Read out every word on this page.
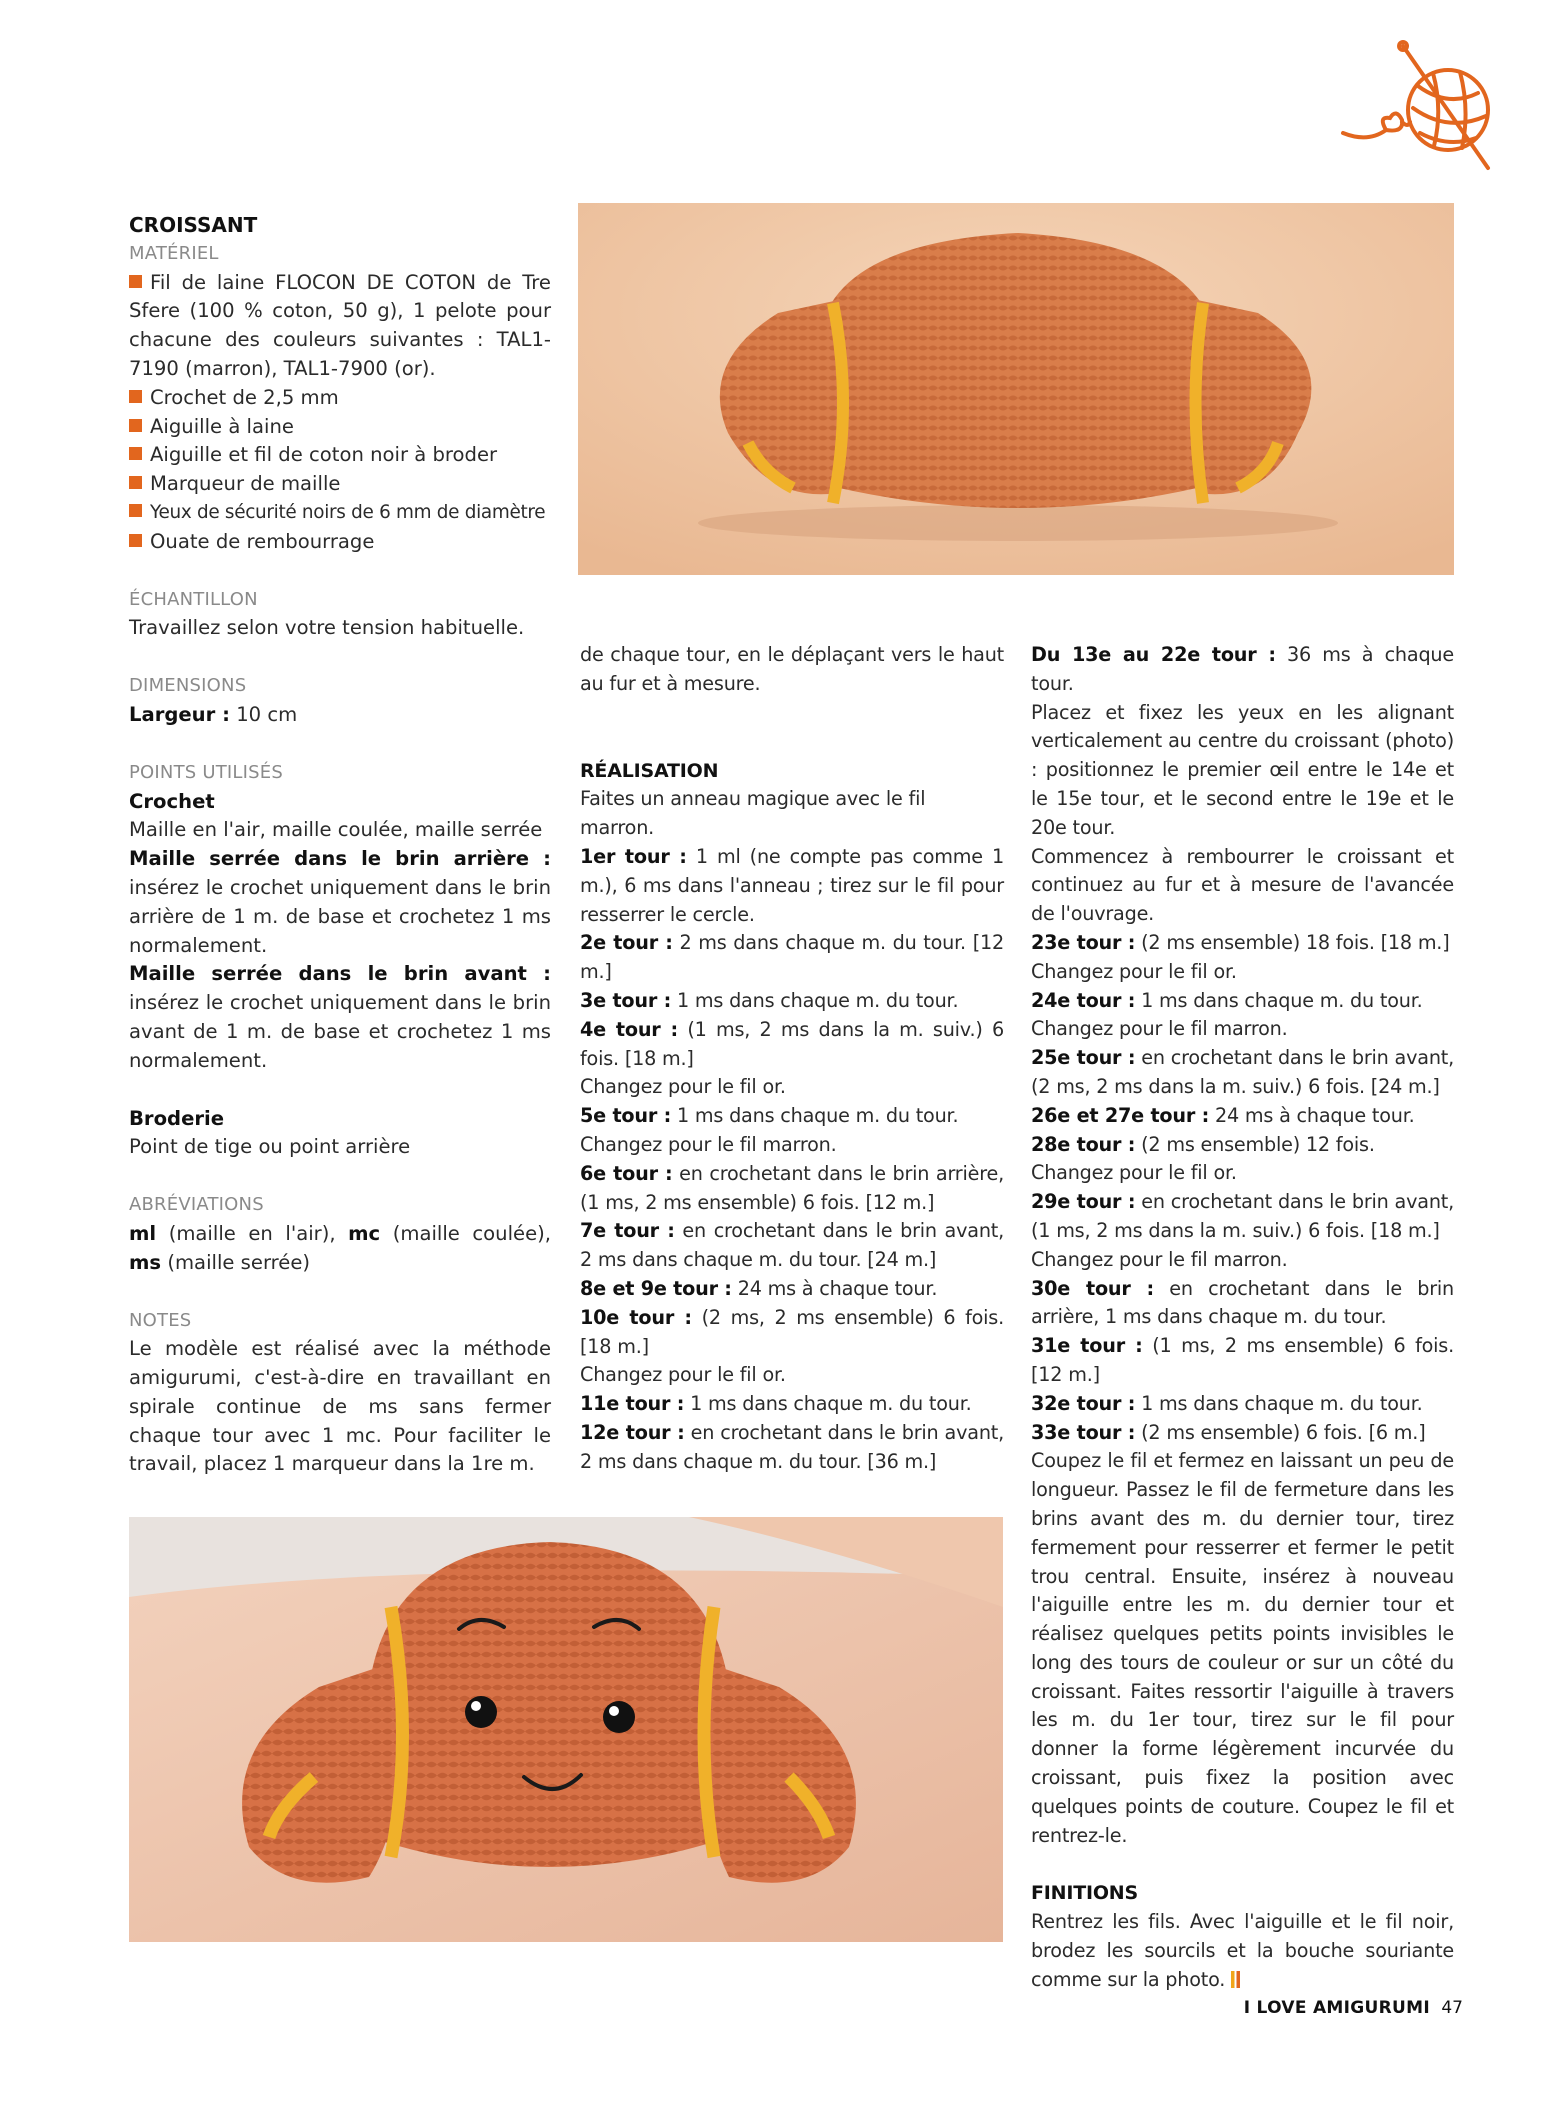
CROISSANT

MATÉRIEL

Fil de laine FLOCON DE COTON de Tre Sfere (100 % coton, 50 g), 1 pelote pour chacune des couleurs suivantes : TAL1-7190 (marron), TAL1-7900 (or).

Crochet de 2,5 mm

Aiguille à laine

Aiguille et fil de coton noir à broder

Marqueur de maille

Yeux de sécurité noirs de 6 mm de diamètre

Ouate de rembourrage

ÉCHANTILLON

Travaillez selon votre tension habituelle.

DIMENSIONS

Largeur : 10 cm

POINTS UTILISÉS

Crochet

Maille en l'air, maille coulée, maille serrée

Maille serrée dans le brin arrière : insérez le crochet uniquement dans le brin arrière de 1 m. de base et crochetez 1 ms normalement.

Maille serrée dans le brin avant : insérez le crochet uniquement dans le brin avant de 1 m. de base et crochetez 1 ms normalement.

Broderie

Point de tige ou point arrière

ABRÉVIATIONS

ml (maille en l'air), mc (maille coulée), ms (maille serrée)

NOTES

Le modèle est réalisé avec la méthode amigurumi, c'est-à-dire en travaillant en spirale continue de ms sans fermer chaque tour avec 1 mc. Pour faciliter le travail, placez 1 marqueur dans la 1re m.

de chaque tour, en le déplaçant vers le haut au fur et à mesure.

RÉALISATION

Faites un anneau magique avec le fil marron.

1er tour : 1 ml (ne compte pas comme 1 m.), 6 ms dans l'anneau ; tirez sur le fil pour resserrer le cercle.

2e tour : 2 ms dans chaque m. du tour. [12 m.]

3e tour : 1 ms dans chaque m. du tour.

4e tour : (1 ms, 2 ms dans la m. suiv.) 6 fois. [18 m.]

Changez pour le fil or.

5e tour : 1 ms dans chaque m. du tour.

Changez pour le fil marron.

6e tour : en crochetant dans le brin arrière, (1 ms, 2 ms ensemble) 6 fois. [12 m.]

7e tour : en crochetant dans le brin avant, 2 ms dans chaque m. du tour. [24 m.]

8e et 9e tour : 24 ms à chaque tour.

10e tour : (2 ms, 2 ms ensemble) 6 fois. [18 m.]

Changez pour le fil or.

11e tour : 1 ms dans chaque m. du tour.

12e tour : en crochetant dans le brin avant, 2 ms dans chaque m. du tour. [36 m.]

Du 13e au 22e tour : 36 ms à chaque tour.

Placez et fixez les yeux en les alignant verticalement au centre du croissant (photo) : positionnez le premier œil entre le 14e et le 15e tour, et le second entre le 19e et le 20e tour.

Commencez à rembourrer le croissant et continuez au fur et à mesure de l'avancée de l'ouvrage.

23e tour : (2 ms ensemble) 18 fois. [18 m.]

Changez pour le fil or.

24e tour : 1 ms dans chaque m. du tour.

Changez pour le fil marron.

25e tour : en crochetant dans le brin avant, (2 ms, 2 ms dans la m. suiv.) 6 fois. [24 m.]

26e et 27e tour : 24 ms à chaque tour.

28e tour : (2 ms ensemble) 12 fois.

Changez pour le fil or.

29e tour : en crochetant dans le brin avant, (1 ms, 2 ms dans la m. suiv.) 6 fois. [18 m.]

Changez pour le fil marron.

30e tour : en crochetant dans le brin arrière, 1 ms dans chaque m. du tour.

31e tour : (1 ms, 2 ms ensemble) 6 fois. [12 m.]

32e tour : 1 ms dans chaque m. du tour.

33e tour : (2 ms ensemble) 6 fois. [6 m.]

Coupez le fil et fermez en laissant un peu de longueur. Passez le fil de fermeture dans les brins avant des m. du dernier tour, tirez fermement pour resserrer et fermer le petit trou central. Ensuite, insérez à nouveau l'aiguille entre les m. du dernier tour et réalisez quelques petits points invisibles le long des tours de couleur or sur un côté du croissant. Faites ressortir l'aiguille à travers les m. du 1er tour, tirez sur le fil pour donner la forme légèrement incurvée du croissant, puis fixez la position avec quelques points de couture. Coupez le fil et rentrez-le.

FINITIONS

Rentrez les fils. Avec l'aiguille et le fil noir, brodez les sourcils et la bouche souriante comme sur la photo.

I LOVE AMIGURUMI 47
